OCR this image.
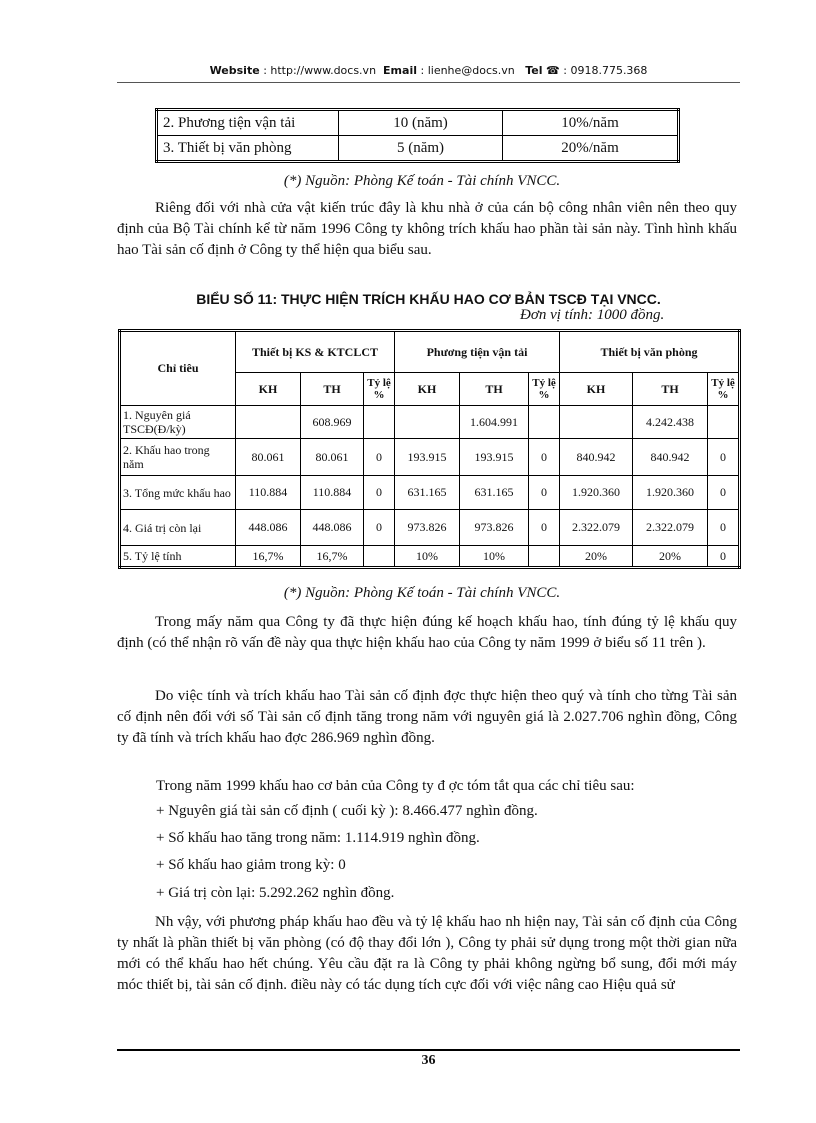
Website : http://www.docs.vn Email : lienhe@docs.vn Tel ☎ : 0918.775.368
2. Phương tiện vận tải	10 (năm)	10%/năm
3. Thiết bị văn phòng	5 (năm)	20%/năm
(*) Nguồn: Phòng Kế toán - Tài chính VNCC.

Riêng đối với nhà cửa vật kiến trúc đây là khu nhà ở của cán bộ công nhân viên nên theo quy định của Bộ Tài chính kể từ năm 1996 Công ty không trích khấu hao phần tài sản này. Tình hình khấu hao Tài sản cố định ở Công ty thể hiện qua biểu sau.

BIỂU SỐ 11: THỰC HIỆN TRÍCH KHẤU HAO CƠ BẢN TSCĐ TẠI VNCC.
Đơn vị tính: 1000 đồng.
Chỉ tiêu	Thiết bị KS & KTCLCT			Phương tiện vận tải			Thiết bị văn phòng		
	KH	TH	Tỷ lệ %	KH	TH	Tỷ lệ %	KH	TH	Tỷ lệ %
1. Nguyên giá TSCĐ(Đ/kỳ)		608.969			1.604.991			4.242.438	
2. Khấu hao trong năm	80.061	80.061	0	193.915	193.915	0	840.942	840.942	0
3. Tổng mức khấu hao	110.884	110.884	0	631.165	631.165	0	1.920.360	1.920.360	0
4. Giá trị còn lại	448.086	448.086	0	973.826	973.826	0	2.322.079	2.322.079	0
5. Tỷ lệ tính	16,7%	16,7%		10%	10%		20%	20%	0
(*) Nguồn: Phòng Kế toán - Tài chính VNCC.

Trong mấy năm qua Công ty đã thực hiện đúng kế hoạch khấu hao, tính đúng tỷ lệ khấu quy định (có thể nhận rõ vấn đề này qua thực hiện khấu hao của Công ty năm 1999 ở biểu số 11 trên ).

Do việc tính và trích khấu hao Tài sản cố định đợc thực hiện theo quý và tính cho từng Tài sản cố định nên đối với số Tài sản cố định tăng trong năm với nguyên giá là 2.027.706 nghìn đồng, Công ty đã tính và trích khấu hao đợc 286.969 nghìn đồng.

Trong năm 1999 khấu hao cơ bản của Công ty đ ợc tóm tắt qua các chỉ tiêu sau:
+ Nguyên giá tài sản cố định ( cuối kỳ ): 8.466.477 nghìn đồng.
+ Số khấu hao tăng trong năm: 1.114.919 nghìn đồng.
+ Số khấu hao giảm trong kỳ: 0
+ Giá trị còn lại: 5.292.262 nghìn đồng.

Nh vậy, với phương pháp khấu hao đều và tỷ lệ khấu hao nh hiện nay, Tài sản cố định của Công ty nhất là phần thiết bị văn phòng (có độ thay đổi lớn ), Công ty phải sử dụng trong một thời gian nữa mới có thể khấu hao hết chúng. Yêu cầu đặt ra là Công ty phải không ngừng bổ sung, đổi mới máy móc thiết bị, tài sản cố định. điều này có tác dụng tích cực đối với việc nâng cao Hiệu quả sử

36
